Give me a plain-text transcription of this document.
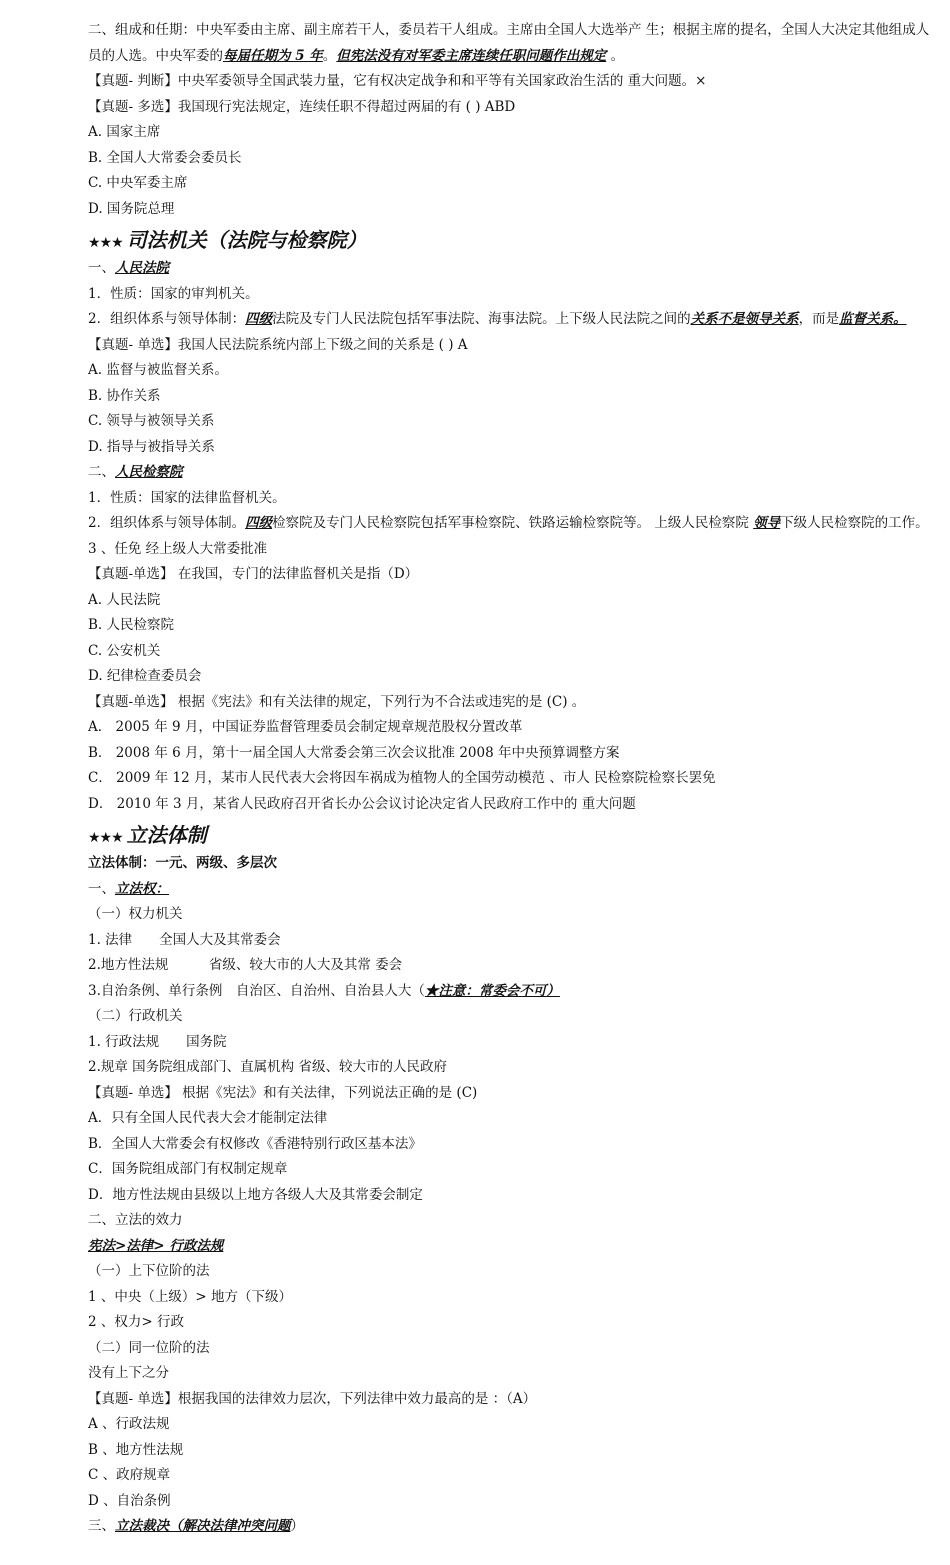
二、组成和任期：中央军委由主席、副主席若干人，委员若干人组成。主席由全国人大选举产 生；根据主席的提名，全国人大决定其他组成人员的人选。中央军委的每届任期为 5 年。但宪法没有对军委主席连续任职问题作出规定 。
【真题- 判断】中央军委领导全国武装力量，它有权决定战争和和平等有关国家政治生活的 重大问题。×
【真题- 多选】我国现行宪法规定，连续任职不得超过两届的有 ( ) ABD
A. 国家主席
B. 全国人大常委会委员长
C. 中央军委主席
D. 国务院总理
★★★ 司法机关（法院与检察院）
一、人民法院
1．性质：国家的审判机关。
2．组织体系与领导体制：四级法院及专门人民法院包括军事法院、海事法院。上下级人民法院之间的关系不是领导关系，而是监督关系。
【真题- 单选】我国人民法院系统内部上下级之间的关系是 ( ) A
A. 监督与被监督关系。
B. 协作关系
C. 领导与被领导关系
D. 指导与被指导关系
二、人民检察院
1．性质：国家的法律监督机关。
2．组织体系与领导体制。四级检察院及专门人民检察院包括军事检察院、铁路运输检察院等。 上级人民检察院 领导下级人民检察院的工作。
3 、任免 经上级人大常委批准
【真题-单选】 在我国，专门的法律监督机关是指（D）
A. 人民法院
B. 人民检察院
C. 公安机关
D. 纪律检查委员会
【真题-单选】 根据《宪法》和有关法律的规定，下列行为不合法或违宪的是 (C) 。
A． 2005 年 9 月，中国证券监督管理委员会制定规章规范股权分置改革
B． 2008 年 6 月，第十一届全国人大常委会第三次会议批准 2008 年中央预算调整方案
C． 2009 年 12 月，某市人民代表大会将因车祸成为植物人的全国劳动模范 、市人 民检察院检察长罢免
D． 2010 年 3 月，某省人民政府召开省长办公会议讨论决定省人民政府工作中的 重大问题
★★★ 立法体制
立法体制：一元、两级、多层次
一、立法权：
（一）权力机关
1. 法律　　全国人大及其常委会
2.地方性法规　　　省级、较大市的人大及其常 委会
3.自治条例、单行条例　自治区、自治州、自治县人大（★注意：常委会不可）
（二）行政机关
1. 行政法规　　国务院
2.规章 国务院组成部门、直属机构 省级、较大市的人民政府
【真题- 单选】 根据《宪法》和有关法律，下列说法正确的是 (C)
A．只有全国人民代表大会才能制定法律
B．全国人大常委会有权修改《香港特别行政区基本法》
C．国务院组成部门有权制定规章
D．地方性法规由县级以上地方各级人大及其常委会制定
二、立法的效力
宪法>法律> 行政法规
（一）上下位阶的法
1 、中央（上级）> 地方（下级）
2 、权力> 行政
（二）同一位阶的法
没有上下之分
【真题- 单选】根据我国的法律效力层次，下列法律中效力最高的是 ：（A）
A 、行政法规
B 、地方性法规
C 、政府规章
D 、自治条例
三、立法裁决（解决法律冲突问题）
